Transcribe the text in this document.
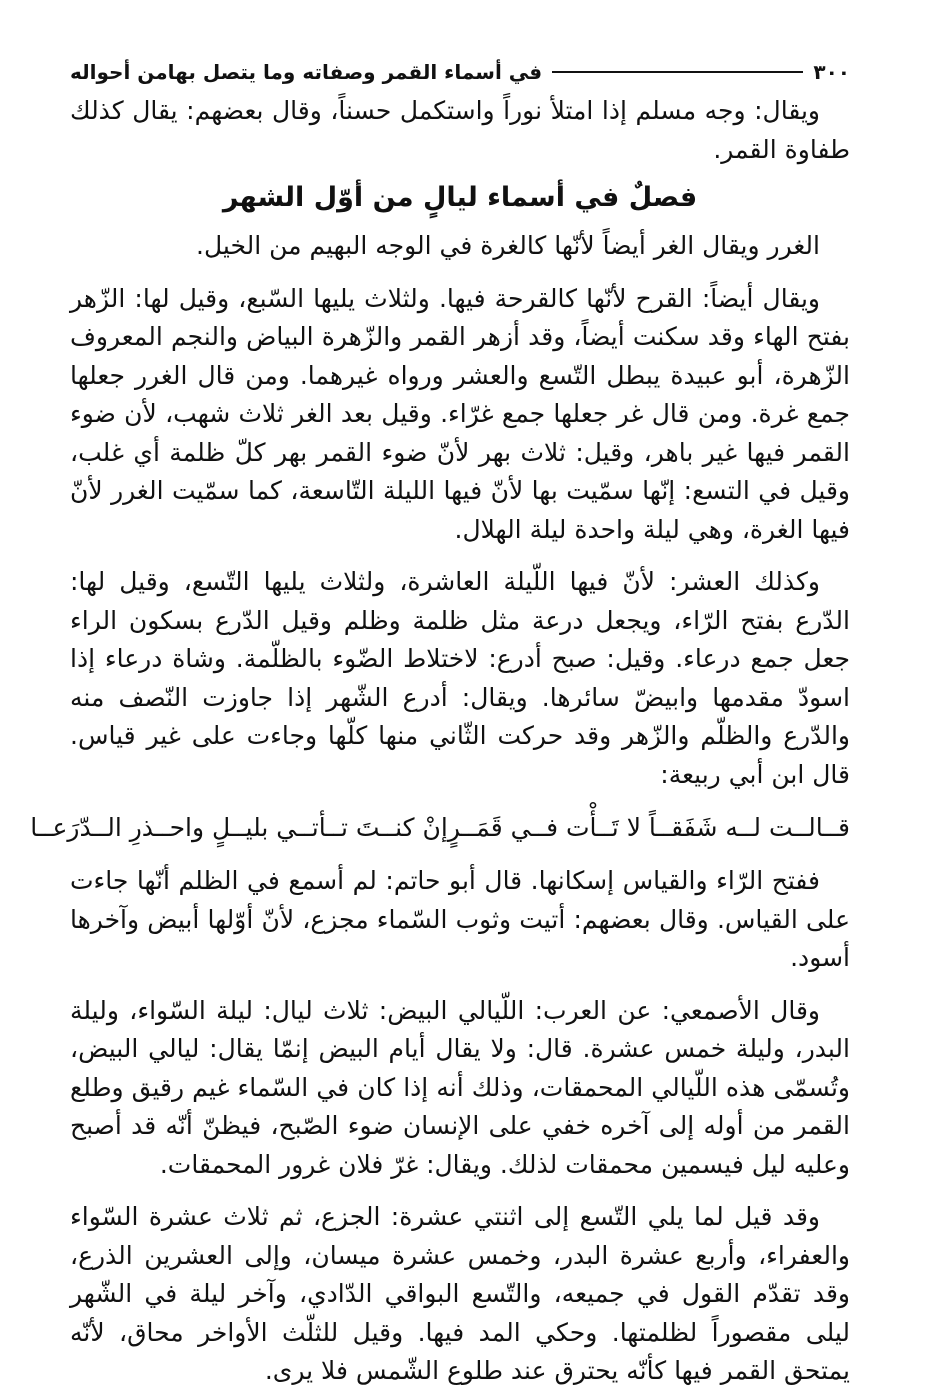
٣٠٠
في أسماء القمر وصفاته وما يتصل بهامن أحواله

ويقال: وجه مسلم إذا امتلأ نوراً واستكمل حسناً، وقال بعضهم: يقال كذلك طفاوة القمر.

فصلٌ في أسماء ليالٍ من أوّل الشهر

الغرر ويقال الغر أيضاً لأنّها كالغرة في الوجه البهيم من الخيل.

ويقال أيضاً: القرح لأنّها كالقرحة فيها. ولثلاث يليها السّبع، وقيل لها: الزّهر بفتح الهاء وقد سكنت أيضاً، وقد أزهر القمر والزّهرة البياض والنجم المعروف الزّهرة، أبو عبيدة يبطل التّسع والعشر ورواه غيرهما. ومن قال الغرر جعلها جمع غرة. ومن قال غر جعلها جمع غرّاء. وقيل بعد الغر ثلاث شهب، لأن ضوء القمر فيها غير باهر، وقيل: ثلاث بهر لأنّ ضوء القمر بهر كلّ ظلمة أي غلب، وقيل في التسع: إنّها سمّيت بها لأنّ فيها الليلة التّاسعة، كما سمّيت الغرر لأنّ فيها الغرة، وهي ليلة واحدة ليلة الهلال.

وكذلك العشر: لأنّ فيها اللّيلة العاشرة، ولثلاث يليها التّسع، وقيل لها: الدّرع بفتح الرّاء، ويجعل درعة مثل ظلمة وظلم وقيل الدّرع بسكون الراء جعل جمع درعاء. وقيل: صبح أدرع: لاختلاط الضّوء بالظلّمة. وشاة درعاء إذا اسودّ مقدمها وابيضّ سائرها. ويقال: أدرع الشّهر إذا جاوزت النّصف منه والدّرع والظلّم والزّهر وقد حركت الثّاني منها كلّها وجاءت على غير قياس. قال ابن أبي ربيعة:

قــالــت لــه شَفَقــاً لا تَــأْت فــي قَمَــرٍ
إنْ كنــتَ تــأتــي بليــلٍ واحــذرِ الــدّرَعــا

ففتح الرّاء والقياس إسكانها. قال أبو حاتم: لم أسمع في الظلم أنّها جاءت على القياس. وقال بعضهم: أتيت وثوب السّماء مجزع، لأنّ أوّلها أبيض وآخرها أسود.

وقال الأصمعي: عن العرب: اللّيالي البيض: ثلاث ليال: ليلة السّواء، وليلة البدر، وليلة خمس عشرة. قال: ولا يقال أيام البيض إنمّا يقال: ليالي البيض، وتُسمّى هذه اللّيالي المحمقات، وذلك أنه إذا كان في السّماء غيم رقيق وطلع القمر من أوله إلى آخره خفي على الإنسان ضوء الصّبح، فيظنّ أنّه قد أصبح وعليه ليل فيسمين محمقات لذلك. ويقال: غرّ فلان غرور المحمقات.

وقد قيل لما يلي التّسع إلى اثنتي عشرة: الجزع، ثم ثلاث عشرة السّواء والعفراء، وأربع عشرة البدر، وخمس عشرة ميسان، وإلى العشرين الذرع، وقد تقدّم القول في جميعه، والتّسع البواقي الدّادي، وآخر ليلة في الشّهر ليلى مقصوراً لظلمتها. وحكي المد فيها. وقيل للثلّث الأواخر محاق، لأنّه يمتحق القمر فيها كأنّه يحترق عند طلوع الشّمس فلا يرى.
